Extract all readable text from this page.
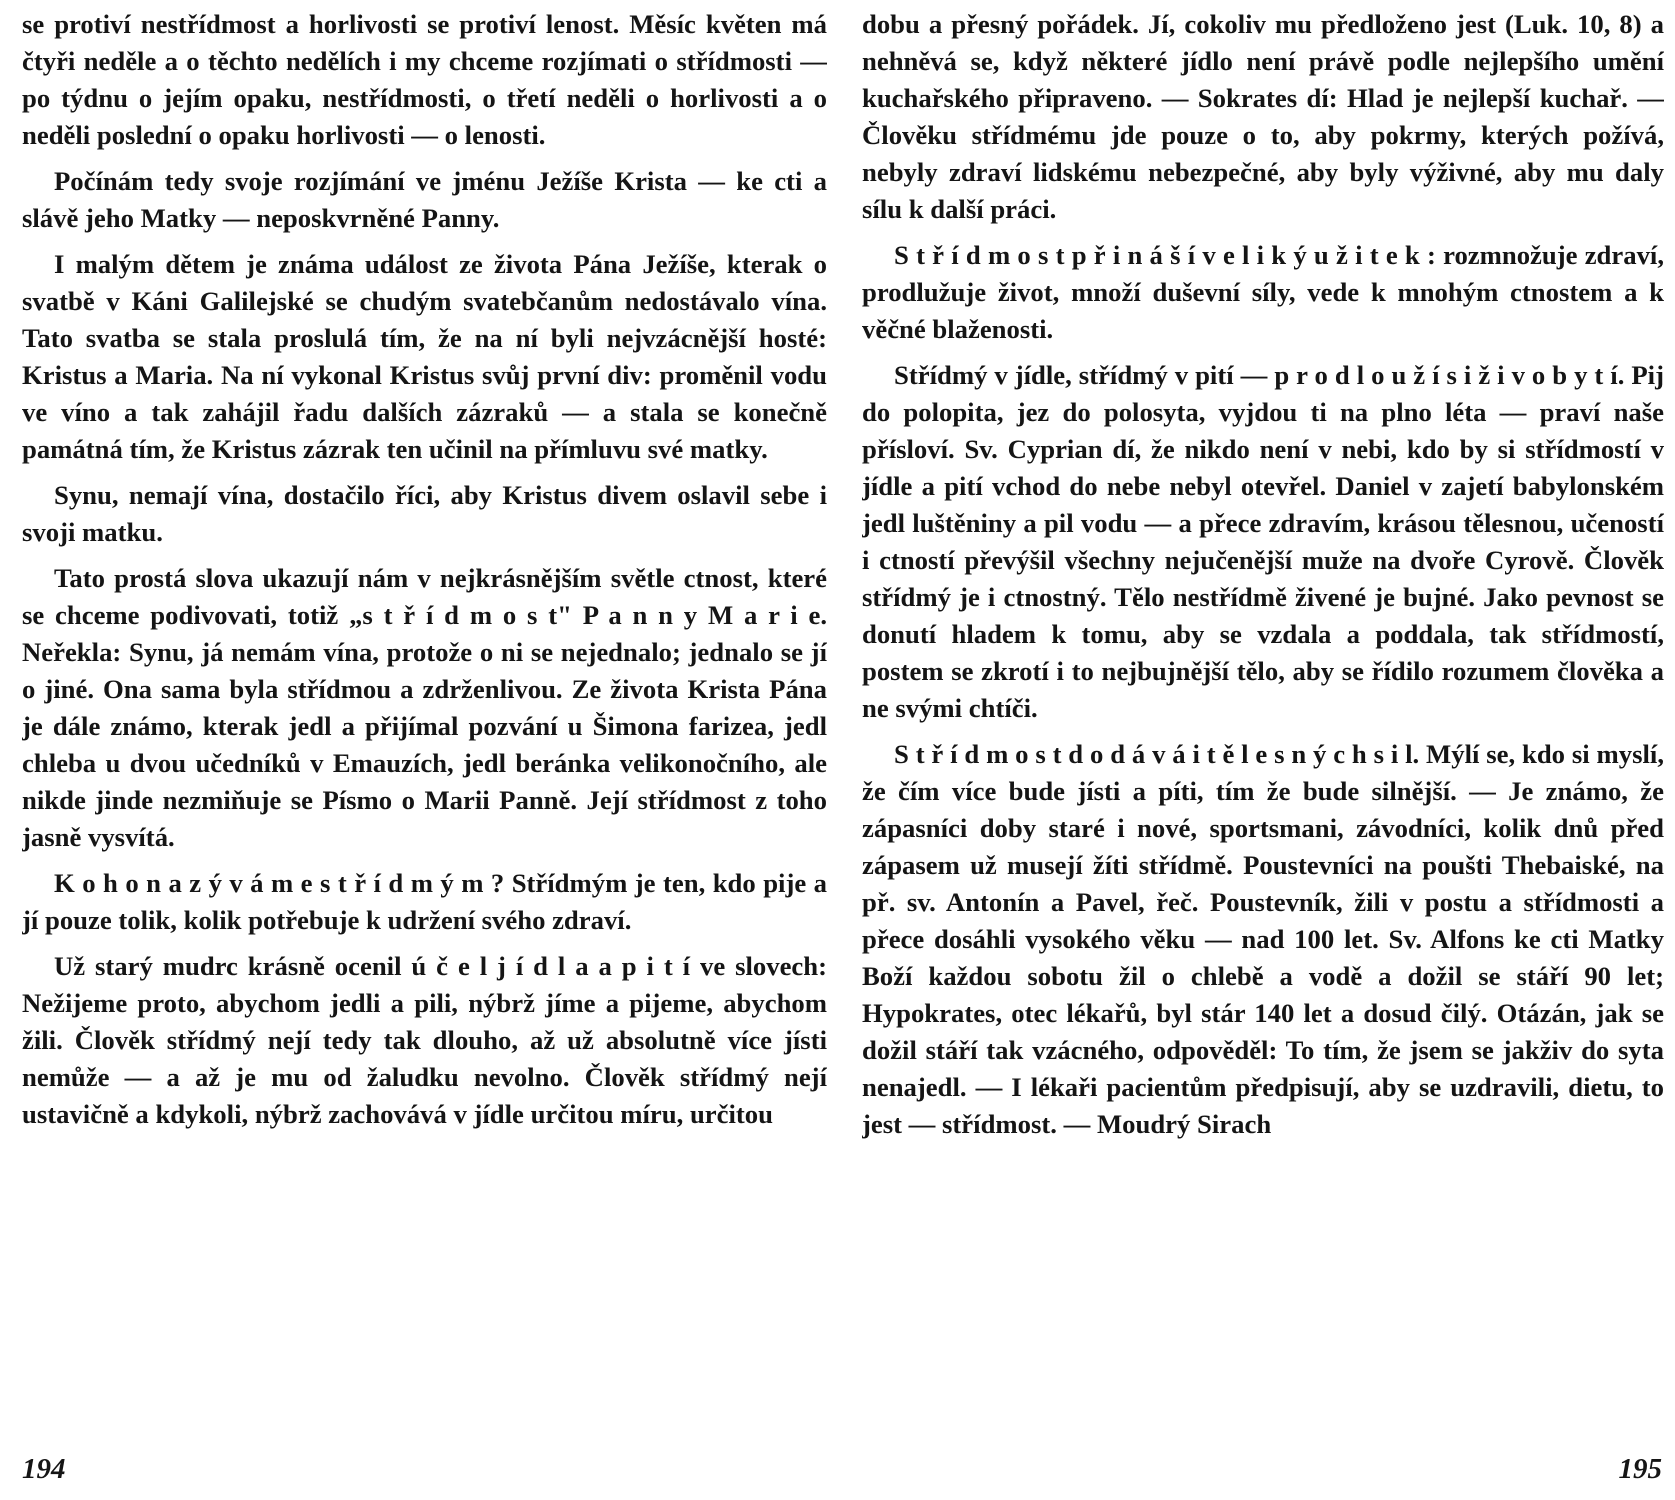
se protiví nestřídmost a horlivosti se protiví lenost. Měsíc květen má čtyři neděle a o těchto nedělích i my chceme rozjímati o střídmosti — po týdnu o jejím opaku, nestřídmosti, o třetí neděli o horlivosti a o neděli poslední o opaku horlivosti — o lenosti.

Počínám tedy svoje rozjímání ve jménu Ježíše Krista — ke cti a slávě jeho Matky — neposkvrněné Panny.

I malým dětem je známa událost ze života Pána Ježíše, kterak o svatbě v Káni Galilejské se chudým svatebčanům nedostávalo vína. Tato svatba se stala proslulá tím, že na ní byli nejvzácnější hosté: Kristus a Maria. Na ní vykonal Kristus svůj první div: proměnil vodu ve víno a tak zahájil řadu dalších zázraků — a stala se konečně památná tím, že Kristus zázrak ten učinil na přímluvu své matky.

Synu, nemají vína, dostačilo říci, aby Kristus divem oslavil sebe i svoji matku.

Tato prostá slova ukazují nám v nejkrásnějším světle ctnost, které se chceme podivovati, totiž „s t ř í d m o s t" P a n n y M a r i e. Neřekla: Synu, já nemám vína, protože o ni se nejednalo; jednalo se jí o jiné. Ona sama byla střídmou a zdrženlivou. Ze života Krista Pána je dále známo, kterak jedl a přijímal pozvání u Šimona farizea, jedl chleba u dvou učedníků v Emauzích, jedl beránka velikonočního, ale nikde jinde nezmiňuje se Písmo o Marii Panně. Její střídmost z toho jasně vysvítá.

K o h o n a z ý v á m e s t ř í d m ý m ? Střídmým je ten, kdo pije a jí pouze tolik, kolik potřebuje k udržení svého zdraví.

Už starý mudrc krásně ocenil ú č e l j í d l a a p i t í ve slovech: Nežijeme proto, abychom jedli a pili, nýbrž jíme a pijeme, abychom žili. Člověk střídmý nejí tedy tak dlouho, až už absolutně více jísti nemůže — a až je mu od žaludku nevolno. Člověk střídmý nejí ustavičně a kdykoli, nýbrž zachovává v jídle určitou míru, určitou

194

dobu a přesný pořádek. Jí, cokoliv mu předloženo jest (Luk. 10, 8) a nehněvá se, když některé jídlo není právě podle nejlepšího umění kuchařského připraveno. — Sokrates dí: Hlad je nejlepší kuchař. — Člověku střídmému jde pouze o to, aby pokrmy, kterých požívá, nebyly zdraví lidskému nebezpečné, aby byly výživné, aby mu daly sílu k další práci.

S t ř í d m o s t p ř i n á š í v e l i k ý u ž i t e k : rozmnožuje zdraví, prodlužuje život, množí duševní síly, vede k mnohým ctnostem a k věčné blaženosti.

Střídmý v jídle, střídmý v pití — p r o d l o u ž í s i ž i v o b y t í. Pij do polopita, jez do polosyta, vyjdou ti na plno léta — praví naše přísloví. Sv. Cyprian dí, že nikdo není v nebi, kdo by si střídmostí v jídle a pití vchod do nebe nebyl otevřel. Daniel v zajetí babylonském jedl luštěniny a pil vodu — a přece zdravím, krásou tělesnou, učeností i ctností převýšil všechny nejučenější muže na dvoře Cyrově. Člověk střídmý je i ctnostný. Tělo nestřídmě živené je bujné. Jako pevnost se donutí hladem k tomu, aby se vzdala a poddala, tak střídmostí, postem se zkrotí i to nejbujnější tělo, aby se řídilo rozumem člověka a ne svými chtíči.

S t ř í d m o s t d o d á v á i t ě l e s n ý c h s i l. Mýlí se, kdo si myslí, že čím více bude jísti a píti, tím že bude silnější. — Je známo, že zápasníci doby staré i nové, sportsmani, závodníci, kolik dnů před zápasem už musejí žíti střídmě. Poustevníci na poušti Thebaiské, na př. sv. Antonín a Pavel, řeč. Poustevník, žili v postu a střídmosti a přece dosáhli vysokého věku — nad 100 let. Sv. Alfons ke cti Matky Boží každou sobotu žil o chlebě a vodě a dožil se stáří 90 let; Hypokrates, otec lékařů, byl stár 140 let a dosud čilý. Otázán, jak se dožil stáří tak vzácného, odpověděl: To tím, že jsem se jakživ do syta nenajedl. — I lékaři pacientům předpisují, aby se uzdravili, dietu, to jest — střídmost. — Moudrý Sirach

195
